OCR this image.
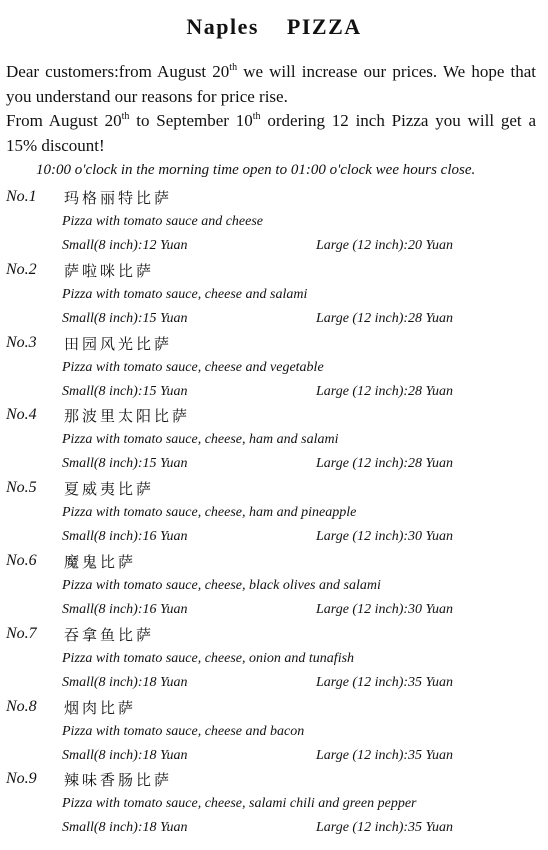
Naples    PIZZA

Dear customers:from August 20th we will increase our prices. We hope that you understand our reasons for price rise.

From August 20th to September 10th ordering 12 inch Pizza you will get a 15% discount!

10:00 o'clock in the morning time open to 01:00 o'clock wee hours close.
No.1 玛格丽特比萨
Pizza with tomato sauce and cheese
Small(8 inch):12 Yuan	Large (12 inch):20 Yuan
No.2 萨啦咪比萨
Pizza with tomato sauce, cheese and salami
Small(8 inch):15 Yuan	Large (12 inch):28 Yuan
No.3 田园风光比萨
Pizza with tomato sauce, cheese and vegetable
Small(8 inch):15 Yuan	Large (12 inch):28 Yuan
No.4 那波里太阳比萨
Pizza with tomato sauce, cheese, ham and salami
Small(8 inch):15 Yuan	Large (12 inch):28 Yuan
No.5 夏威夷比萨
Pizza with tomato sauce, cheese, ham and pineapple
Small(8 inch):16 Yuan	Large (12 inch):30 Yuan
No.6 魔鬼比萨
Pizza with tomato sauce, cheese, black olives and salami
Small(8 inch):16 Yuan	Large (12 inch):30 Yuan
No.7 吞拿鱼比萨
Pizza with tomato sauce, cheese, onion and tunafish
Small(8 inch):18 Yuan	Large (12 inch):35 Yuan
No.8 烟肉比萨
Pizza with tomato sauce, cheese and bacon
Small(8 inch):18 Yuan	Large (12 inch):35 Yuan
No.9 辣味香肠比萨
Pizza with tomato sauce, cheese, salami chili and green pepper
Small(8 inch):18 Yuan	Large (12 inch):35 Yuan
